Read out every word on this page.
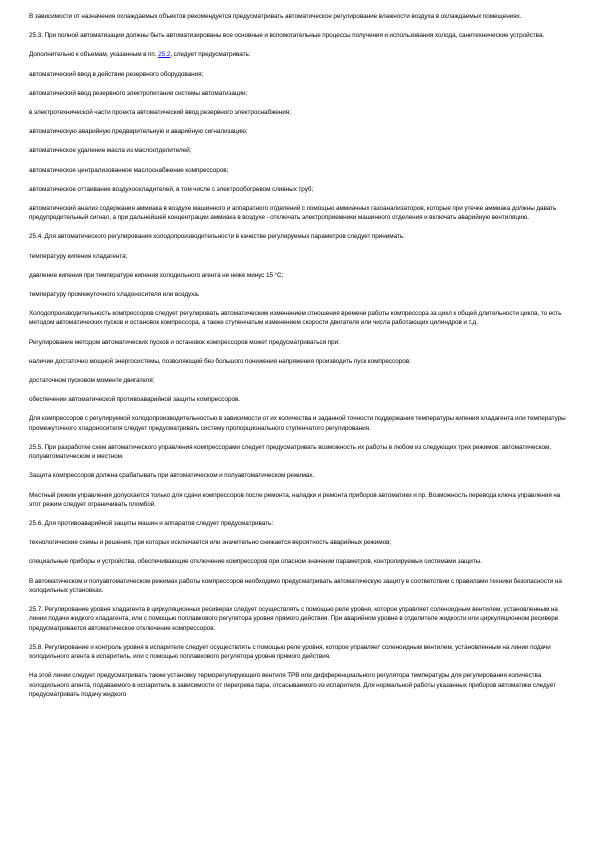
В зависимости от назначения охлаждаемых объектов рекомендуется предусматривать автоматическое регулирование влажности воздуха в охлаждаемых помещениях.

25.3. При полной автоматизации должны быть автоматизированы все основные и вспомогательные процессы получения и использования холода, санитехнические устройства.

Дополнительно к объемам, указанным в пп. 25.2, следует предусматривать:

автоматический ввод в действие резервного оборудования;

автоматический ввод резервного электропитания системы автоматизации;

в электротехнической части проекта автоматический ввод резервного электроснабжения;

автоматическую аварийную предварительную и аварийную сигнализацию;

автоматическое удаление масла из маслоотделителей;

автоматическое централизованное маслоснабжение компрессоров;

автоматическое оттаивание воздухоохладителей, в том числе с электрообогревом сливных труб;

автоматический анализ содержания аммиака в воздухе машинного и аппаратного отделений с помощью аммиачных газоанализаторов, которые при утечке аммиака должны давать предупредительный сигнал, а при дальнейшей концентрации аммиака в воздухе - отключать электроприемники машинного отделения и включать аварийную вентиляцию.

25.4. Для автоматического регулирования холодопроизводительности в качестве регулируемых параметров следует принимать:

температуру кипения хладагента;

давление кипения при температуре кипения холодильного агента не ниже минус 15 °С;

температуру промежуточного хладоносителя или воздуха.

Холодопроизводительность компрессоров следует регулировать автоматическим изменением отношения времени работы компрессора за цикл к общей длительности цикла, то есть методом автоматических пусков и остановок компрессора, а также ступенчатым изменением скорости двигателя или числа работающих цилиндров и т.д.

Регулирование методом автоматических пусков и остановок компрессоров может предусматриваться при:

наличии достаточно мощной энергосистемы, позволяющей без большого понижения напряжения производить пуск компрессоров;

достаточном пусковом моменте двигателя;

обеспечении автоматической противоаварийной защиты компрессоров.

Для компрессоров с регулируемой холодопроизводительностью в зависимости от их количества и заданной точности поддержания температуры кипения хладагента или температуры промежуточного хладоносителя следует предусматривать систему пропорционального ступенчатого регулирования.

25.5. При разработке схем автоматического управления компрессорами следует предусматривать возможность их работы в любом из следующих трех режимов: автоматическом, полуавтоматическом и местном.

Защита компрессоров должна срабатывать при автоматическом и полуавтоматическом режимах.

Местный режим управления допускается только для сдачи компрессоров после ремонта, наладки и ремонта приборов автоматики и пр. Возможность перевода ключа управления на этот режим следует ограничивать пломбой.

25.6. Для противоаварийной защиты машин и аппаратов следует предусматривать:

технологические схемы и решения, при которых исключается или значительно снижается вероятность аварийных режимов;

специальные приборы и устройства, обеспечивающие отключение компрессоров при опасном значении параметров, контролируемых системами защиты.

В автоматическом и полуавтоматическом режимах работы компрессоров необходимо предусматривать автоматическую защиту в соответствии с правилами техники безопасности на холодильных установках.

25.7. Регулирование уровня хладагента в циркуляционных ресиверах следует осуществлять с помощью реле уровня, которое управляет соленоидным вентилем, установленным на линии подачи жидкого хладагента, или с помощью поплавкового регулятора уровня прямого действия. При аварийном уровне в отделителе жидкости или циркуляционном ресивере предусматривается автоматическое отключение компрессоров.

25.8. Регулирование и контроль уровня в испарителе следует осуществлять с помощью реле уровня, которое управляет соленоидным вентилем, установленным на линии подачи холодильного агента в испаритель, или с помощью поплавкового регулятора уровня прямого действия.

На этой линии следует предусматривать также установку терморегулирующего вентиля ТРВ или дифференциального регулятора температуры для регулирования количества холодильного агента, подаваемого в испаритель в зависимости от перегрева пара, отсасываемого из испарителя. Для нормальной работы указанных приборов автоматики следует предусматривать подачу жидкого
